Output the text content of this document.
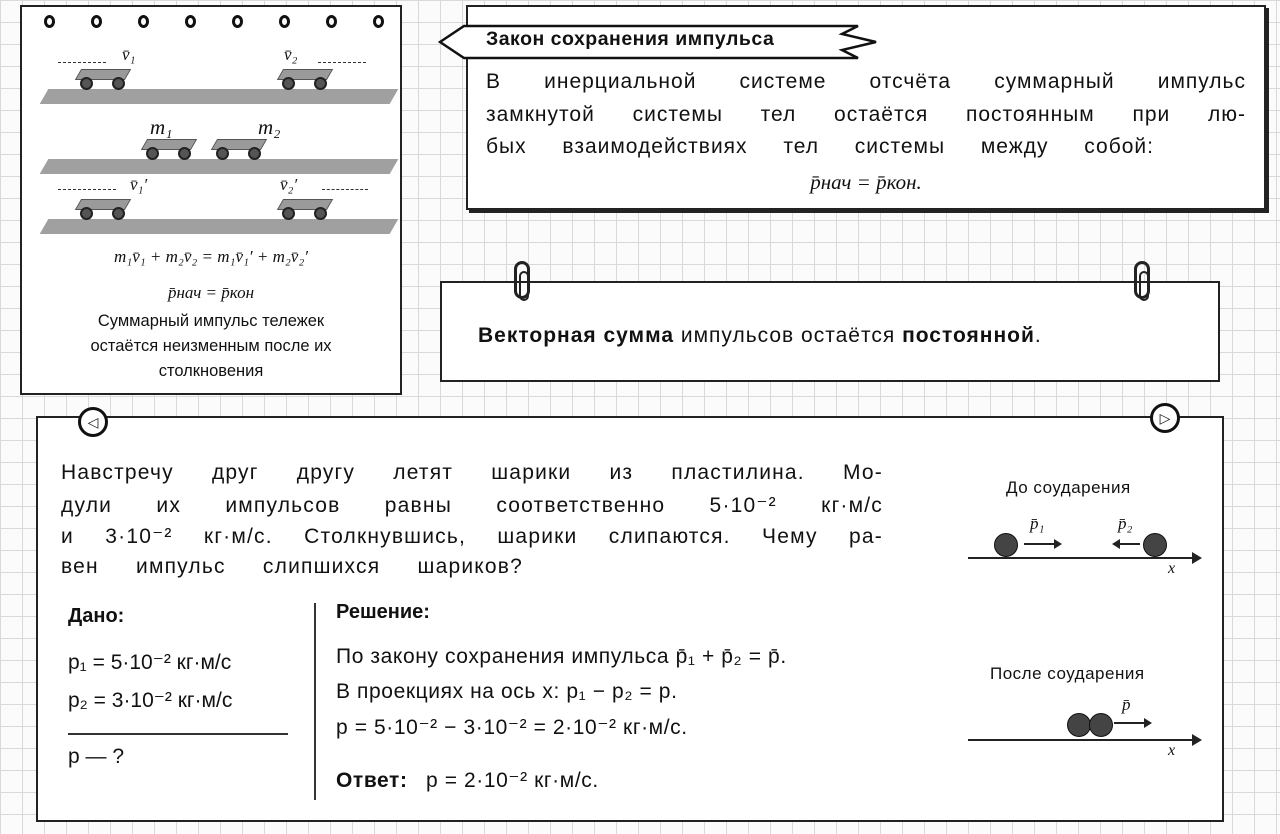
v̄₁	v̄₂
m₁	m₂
v̄₁′	v̄₂′
m₁v̄₁ + m₂v̄₂ = m₁v̄₁′ + m₂v̄₂′
p̄нач = p̄кон
Суммарный импульс тележек
остаётся неизменным после их
столкновения
Закон сохранения импульса
В инерциальной системе отсчёта суммарный импульс
замкнутой системы тел остаётся постоянным при лю-
бых взаимодействиях тел системы между собой:
p̄нач = p̄кон.
Векторная сумма импульсов остаётся постоянной.
◁	▷
Навстречу друг другу летят шарики из пластилина. Мо-
дули их импульсов равны соответственно 5·10⁻² кг·м/с
и 3·10⁻² кг·м/с. Столкнувшись, шарики слипаются. Чему ра-
вен импульс слипшихся шариков?
Дано:
p₁ = 5·10⁻² кг·м/с
p₂ = 3·10⁻² кг·м/с
p — ?
Решение:
По закону сохранения импульса p̄₁ + p̄₂ = p̄.
В проекциях на ось x: p₁ − p₂ = p.
p = 5·10⁻² − 3·10⁻² = 2·10⁻² кг·м/с.
Ответ: p = 2·10⁻² кг·м/с.
До соударения
x
p̄₁	p̄₂
После соударения
x
p̄
